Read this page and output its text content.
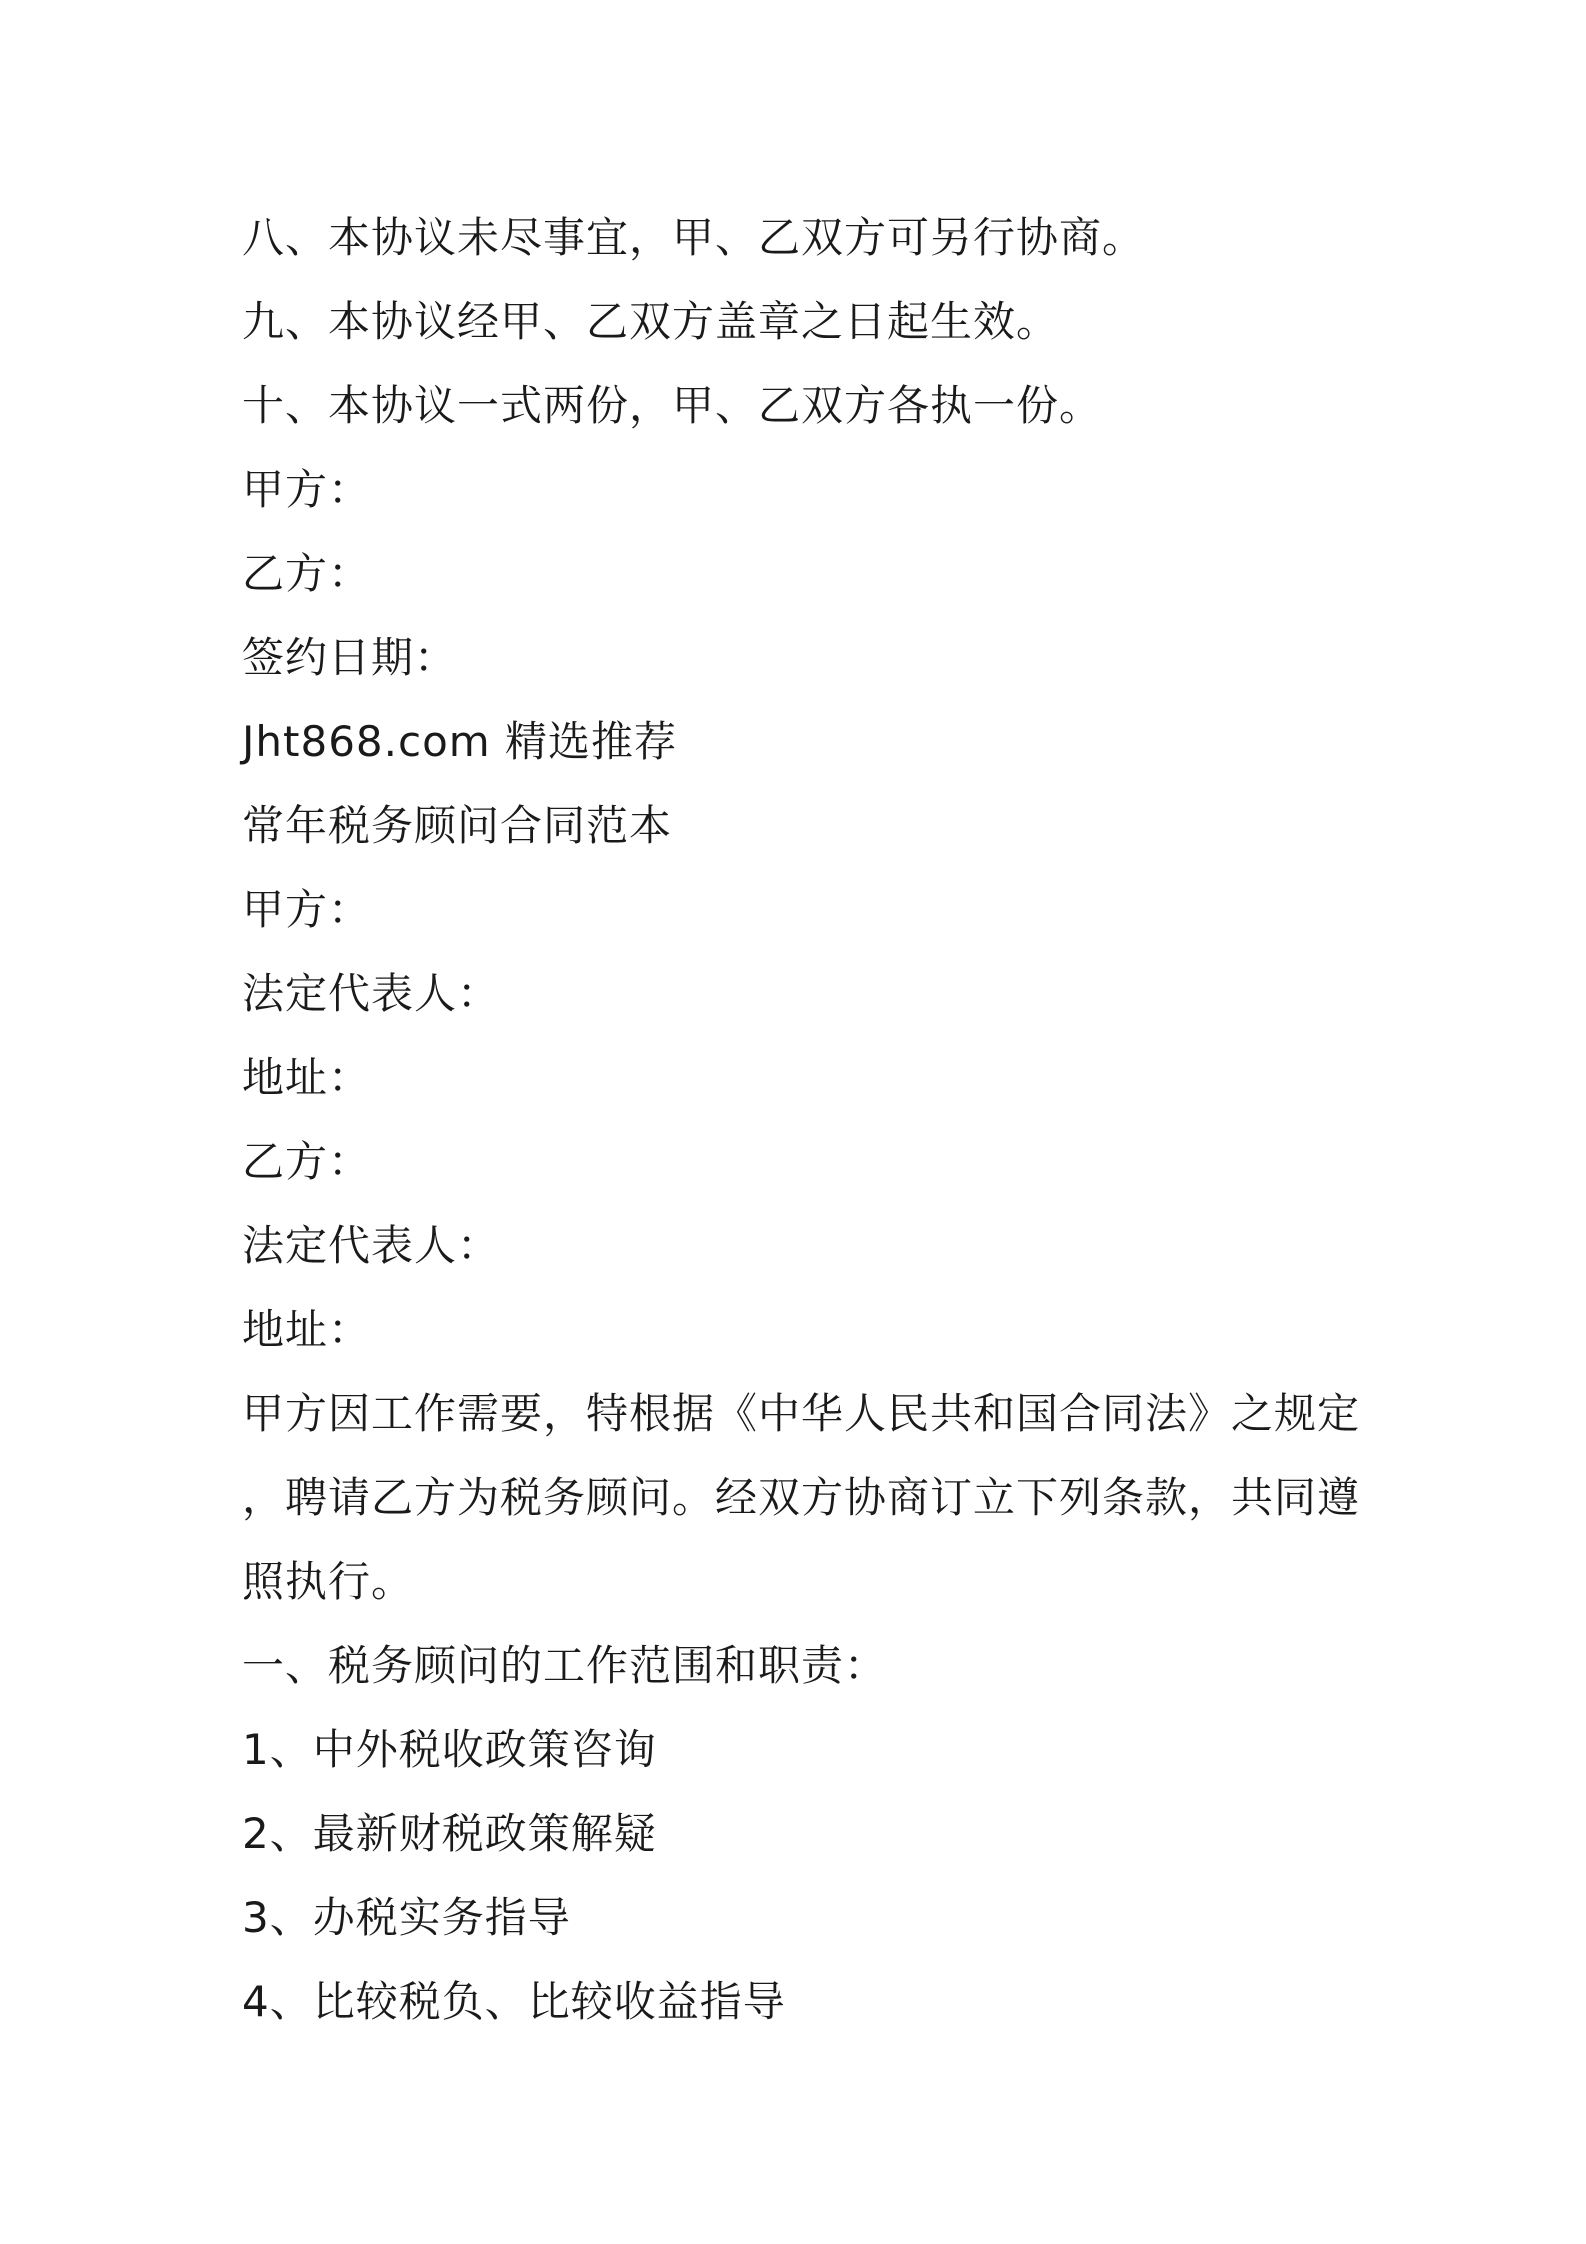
八、本协议未尽事宜，甲、乙双方可另行协商。
九、本协议经甲、乙双方盖章之日起生效。
十、本协议一式两份，甲、乙双方各执一份。
甲方：
乙方：
签约日期：
Jht868.com 精选推荐
常年税务顾问合同范本
甲方：
法定代表人：
地址：
乙方：
法定代表人：
地址：
甲方因工作需要，特根据《中华人民共和国合同法》之规定
，聘请乙方为税务顾问。经双方协商订立下列条款，共同遵
照执行。
一、税务顾问的工作范围和职责：
1、中外税收政策咨询
2、最新财税政策解疑
3、办税实务指导
4、比较税负、比较收益指导
